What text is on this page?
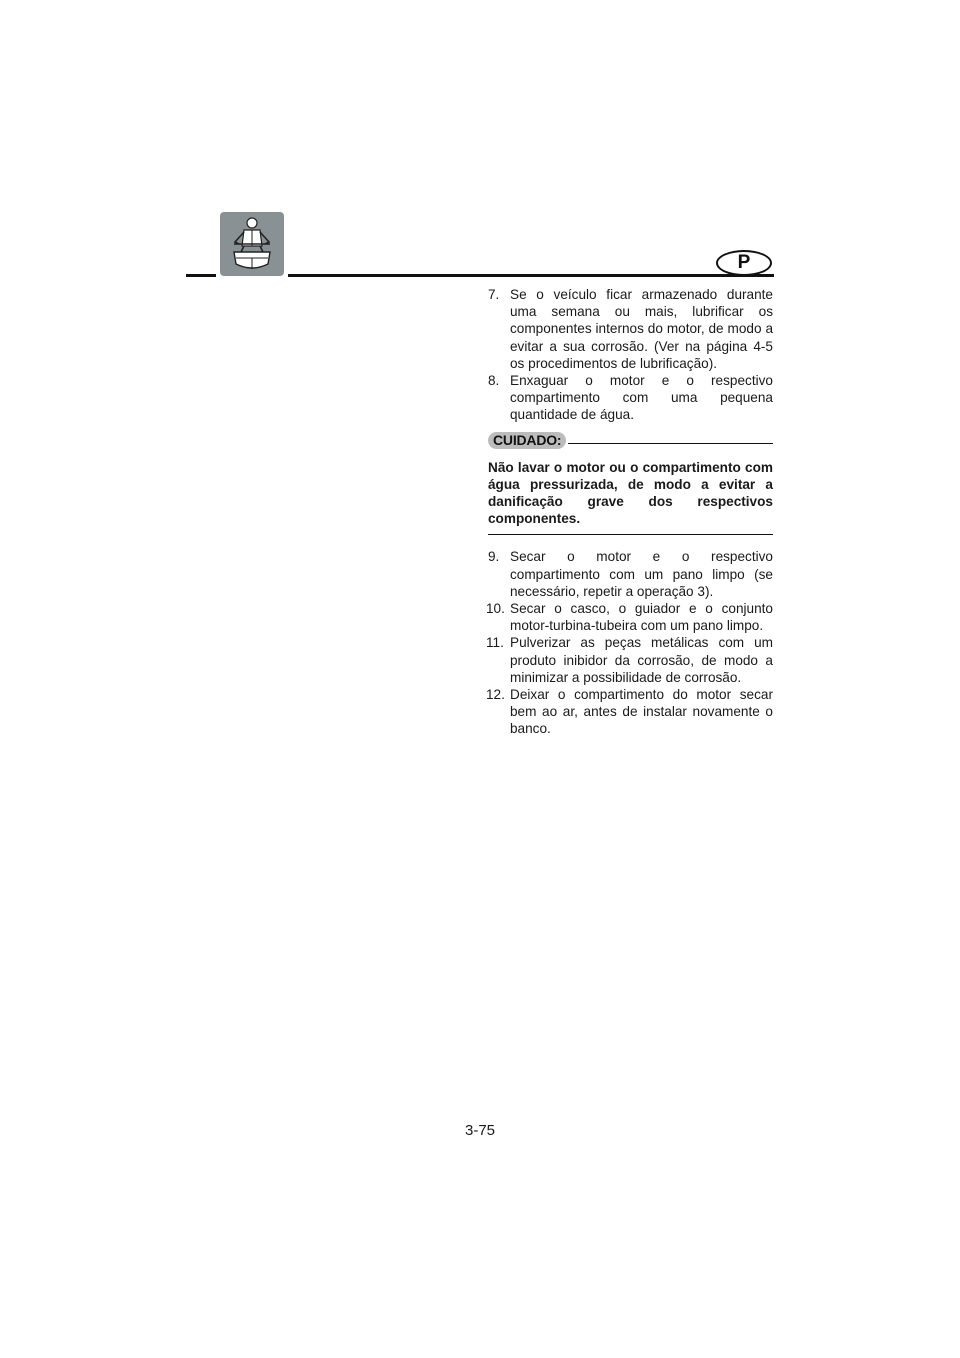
P
7. Se o veículo ficar armazenado durante uma semana ou mais, lubrificar os componentes internos do motor, de modo a evitar a sua corrosão. (Ver na página 4-5 os procedimentos de lubrificação).
8. Enxaguar o motor e o respectivo compartimento com uma pequena quantidade de água.
CUIDADO:

Não lavar o motor ou o compartimento com água pressurizada, de modo a evitar a danificação grave dos respectivos componentes.

9. Secar o motor e o respectivo compartimento com um pano limpo (se necessário, repetir a operação 3).
10. Secar o casco, o guiador e o conjunto motor-turbina-tubeira com um pano limpo.
11. Pulverizar as peças metálicas com um produto inibidor da corrosão, de modo a minimizar a possibilidade de corrosão.
12. Deixar o compartimento do motor secar bem ao ar, antes de instalar novamente o banco.
3-75
